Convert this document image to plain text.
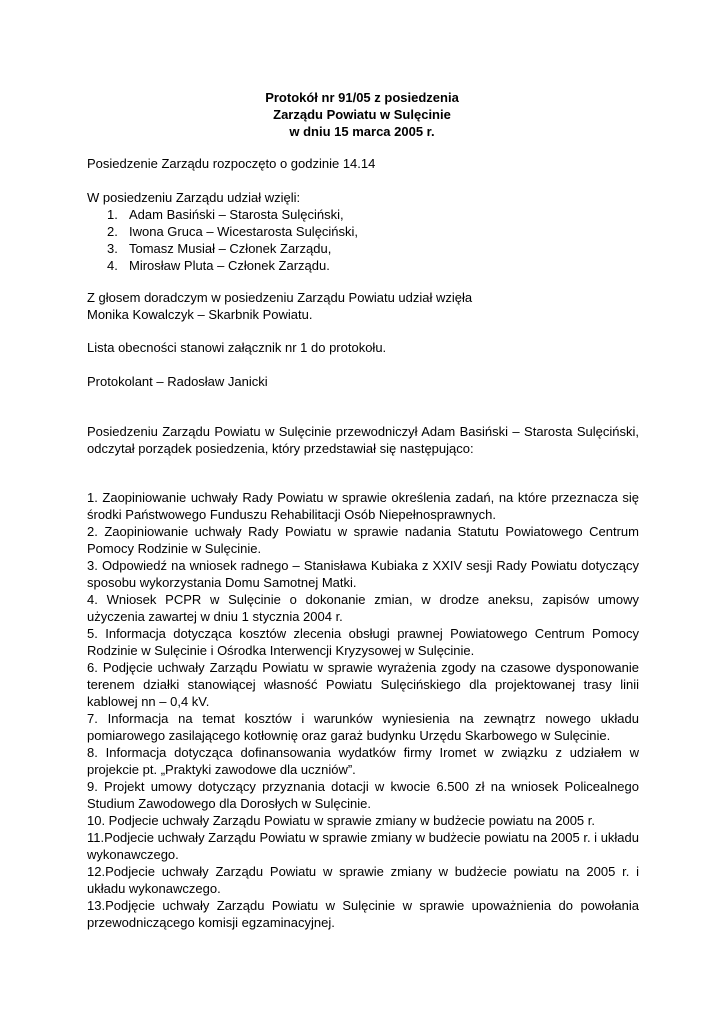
Protokół nr 91/05 z posiedzenia
Zarządu Powiatu w Sulęcinie
w dniu 15 marca 2005 r.
Posiedzenie Zarządu rozpoczęto o godzinie 14.14
W posiedzeniu Zarządu udział wzięli:
1. Adam Basiński – Starosta Sulęciński,
2. Iwona Gruca – Wicestarosta Sulęciński,
3. Tomasz Musiał – Członek Zarządu,
4. Mirosław Pluta – Członek Zarządu.
Z głosem doradczym w posiedzeniu Zarządu Powiatu udział wzięła
Monika Kowalczyk – Skarbnik Powiatu.
Lista obecności stanowi załącznik nr 1 do protokołu.
Protokolant – Radosław Janicki
Posiedzeniu Zarządu Powiatu w Sulęcinie przewodniczył Adam Basiński – Starosta Sulęciński, odczytał porządek posiedzenia, który przedstawiał się następująco:
1. Zaopiniowanie uchwały Rady Powiatu w sprawie określenia zadań, na które przeznacza się środki Państwowego Funduszu Rehabilitacji Osób Niepełnosprawnych.
2. Zaopiniowanie uchwały Rady Powiatu w sprawie nadania Statutu Powiatowego Centrum Pomocy Rodzinie w Sulęcinie.
3. Odpowiedź na wniosek radnego – Stanisława Kubiaka z XXIV sesji Rady Powiatu dotyczący sposobu wykorzystania Domu Samotnej Matki.
4. Wniosek PCPR w Sulęcinie o dokonanie zmian, w drodze aneksu, zapisów umowy użyczenia zawartej w dniu 1 stycznia 2004 r.
5. Informacja dotycząca kosztów zlecenia obsługi prawnej Powiatowego Centrum Pomocy Rodzinie w Sulęcinie i Ośrodka Interwencji Kryzysowej w Sulęcinie.
6. Podjęcie uchwały Zarządu Powiatu w sprawie wyrażenia zgody na czasowe dysponowanie terenem działki stanowiącej własność Powiatu Sulęcińskiego dla projektowanej trasy linii kablowej nn – 0,4 kV.
7. Informacja na temat kosztów i warunków wyniesienia na zewnątrz nowego układu pomiarowego zasilającego kotłownię oraz garaż budynku Urzędu Skarbowego w Sulęcinie.
8. Informacja dotycząca dofinansowania wydatków firmy Iromet w związku z udziałem w projekcie pt. „Praktyki zawodowe dla uczniów”.
9. Projekt umowy dotyczący przyznania dotacji w kwocie 6.500 zł na wniosek Policealnego Studium Zawodowego dla Dorosłych w Sulęcinie.
10. Podjecie uchwały Zarządu Powiatu w sprawie zmiany w budżecie powiatu na 2005 r.
11.Podjecie uchwały Zarządu Powiatu w sprawie zmiany w budżecie powiatu na 2005 r. i układu wykonawczego.
12.Podjecie uchwały Zarządu Powiatu w sprawie zmiany w budżecie powiatu na 2005 r. i układu wykonawczego.
13.Podjęcie uchwały Zarządu Powiatu w Sulęcinie w sprawie upoważnienia do powołania przewodniczącego komisji egzaminacyjnej.
